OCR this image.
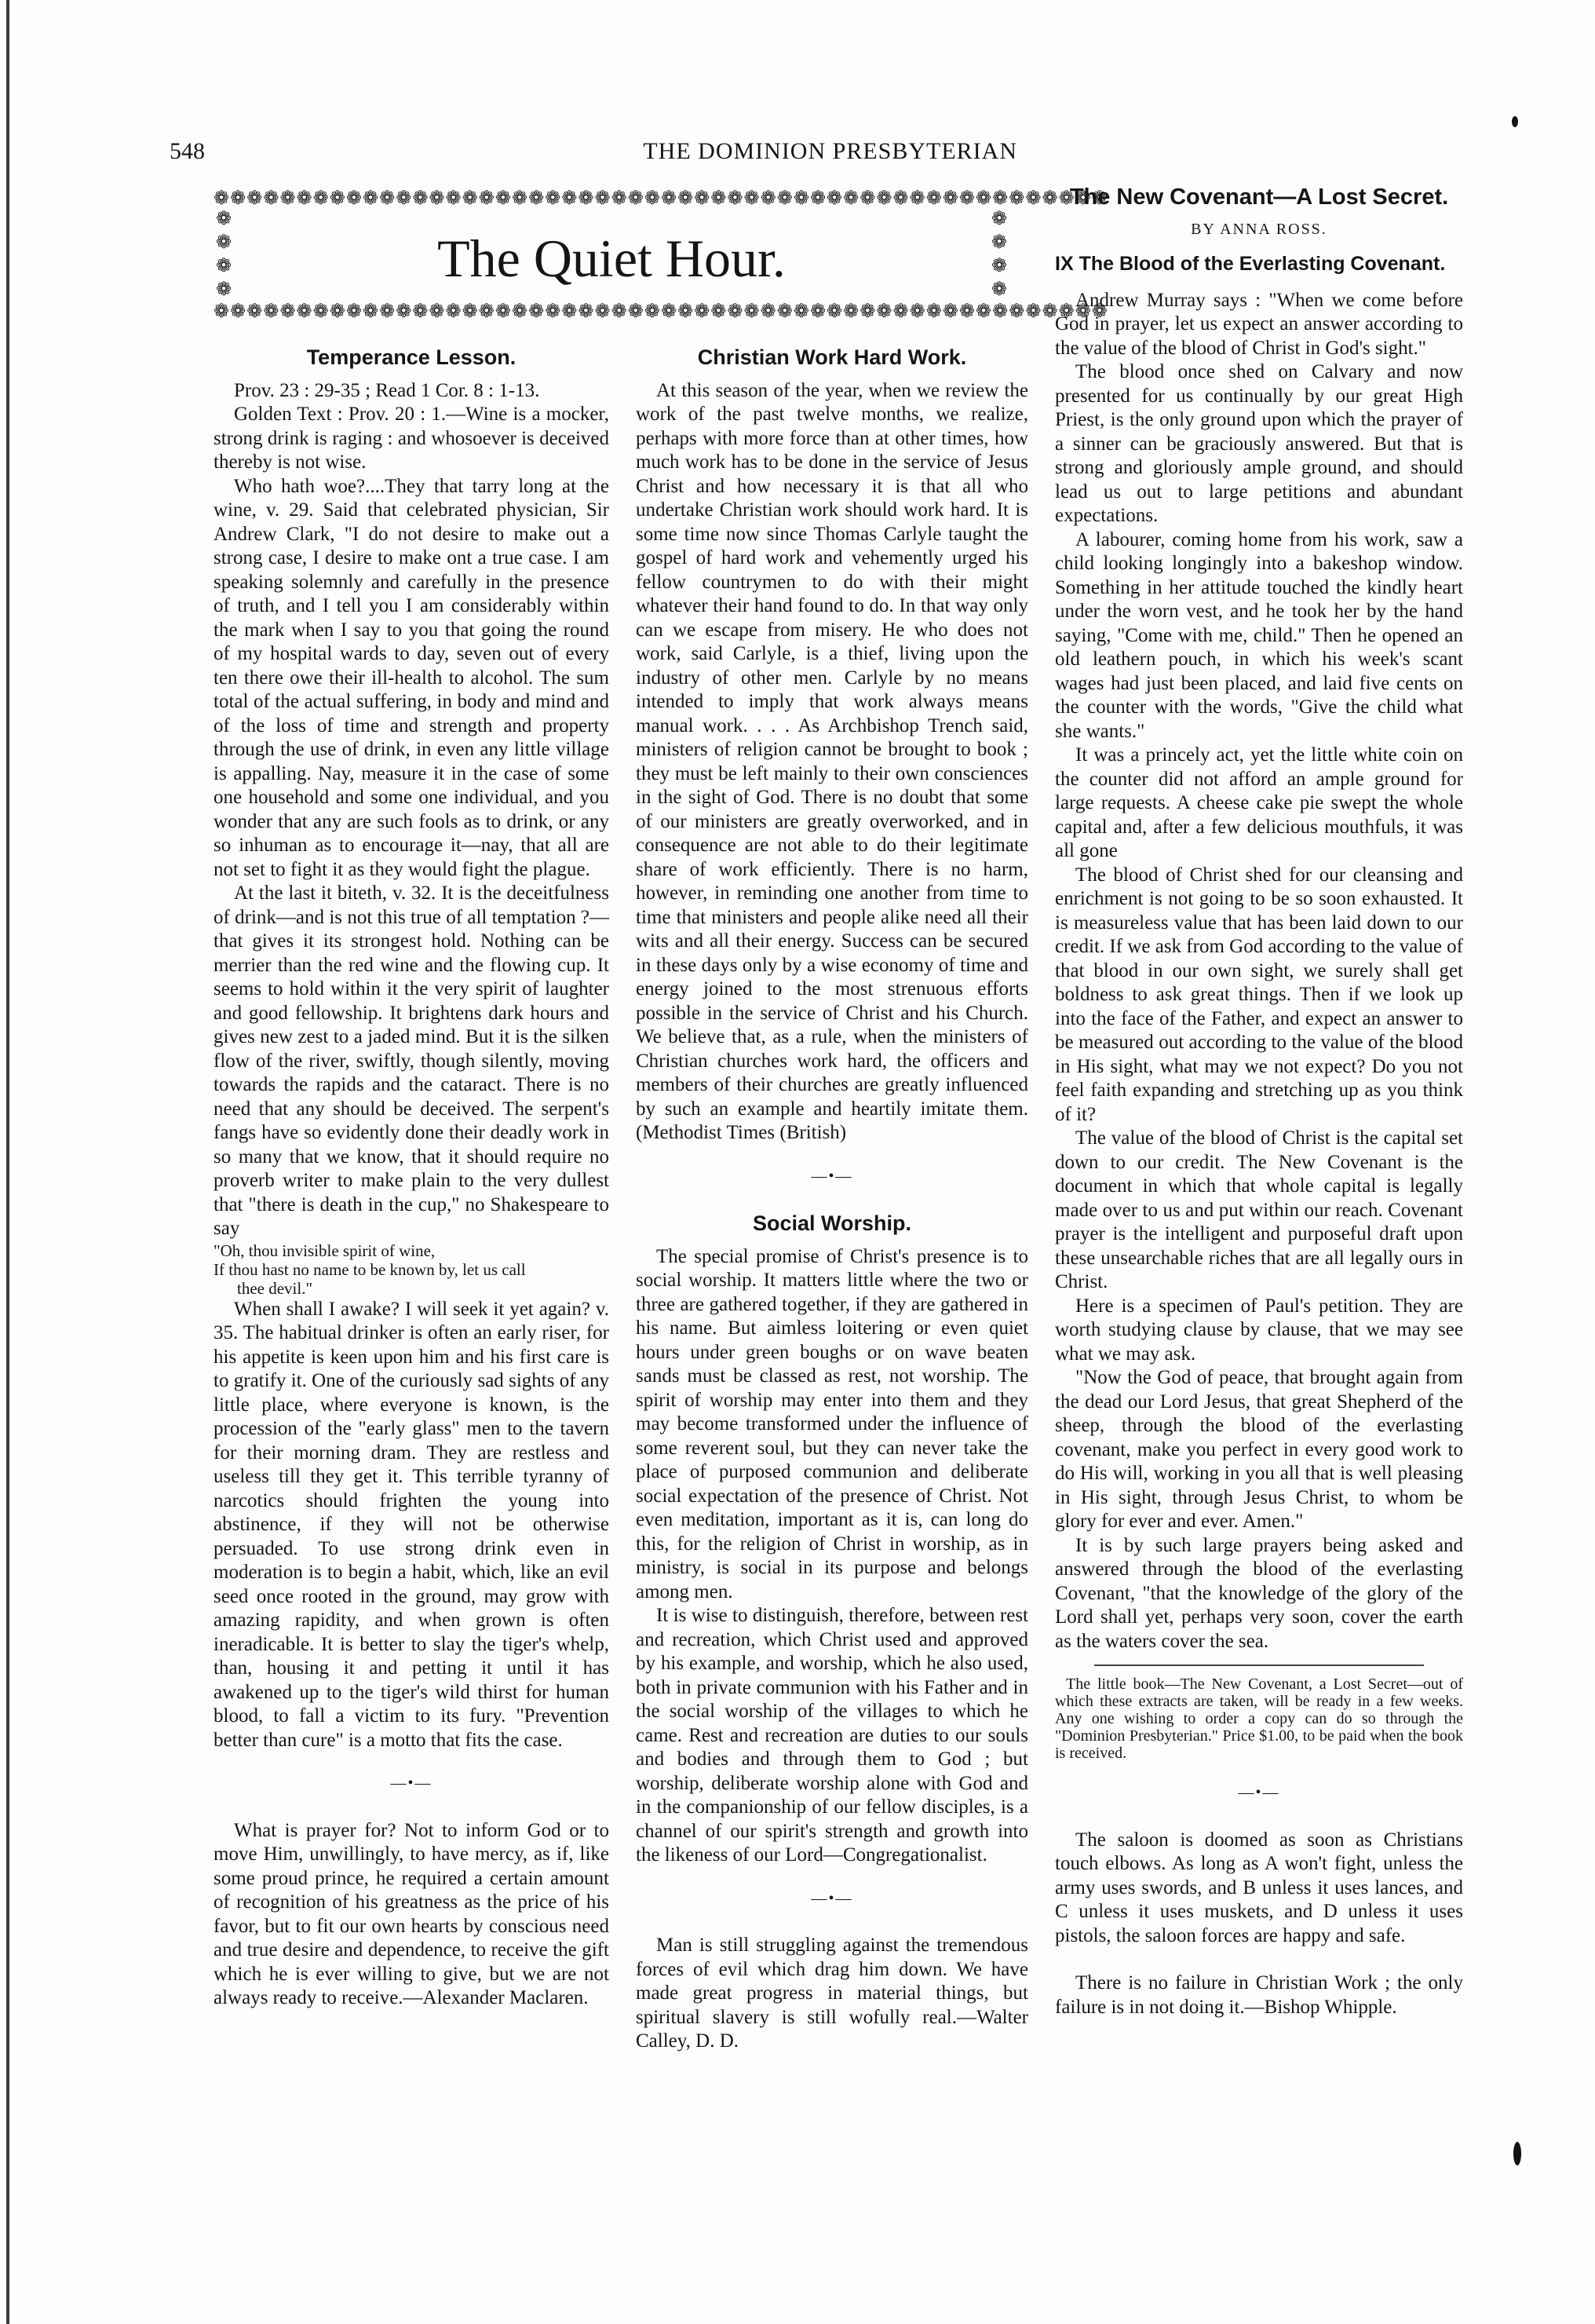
548	THE DOMINION PRESBYTERIAN
❁❁❁❁❁❁❁❁❁❁❁❁❁❁❁❁❁❁❁❁❁❁❁❁❁❁❁❁❁❁❁❁❁❁❁❁❁❁❁❁❁❁❁❁❁❁❁❁❁❁❁❁❁❁
❁ ❁ ❁ ❁
❁ ❁ ❁ ❁
The Quiet Hour.
❁❁❁❁❁❁❁❁❁❁❁❁❁❁❁❁❁❁❁❁❁❁❁❁❁❁❁❁❁❁❁❁❁❁❁❁❁❁❁❁❁❁❁❁❁❁❁❁❁❁❁❁❁❁
Temperance Lesson.

Prov. 23 : 29-35 ; Read 1 Cor. 8 : 1-13.

Golden Text : Prov. 20 : 1.—Wine is a mocker, strong drink is raging : and whosoever is deceived thereby is not wise.

Who hath woe?....They that tarry long at the wine, v. 29. Said that celebrated physician, Sir Andrew Clark, "I do not desire to make out a strong case, I desire to make ont a true case. I am speaking solemnly and carefully in the presence of truth, and I tell you I am considerably within the mark when I say to you that going the round of my hospital wards to day, seven out of every ten there owe their ill-health to alcohol. The sum total of the actual suffering, in body and mind and of the loss of time and strength and property through the use of drink, in even any little village is appalling. Nay, measure it in the case of some one household and some one individual, and you wonder that any are such fools as to drink, or any so inhuman as to encourage it—nay, that all are not set to fight it as they would fight the plague.

At the last it biteth, v. 32. It is the deceitfulness of drink—and is not this true of all temptation ?—that gives it its strongest hold. Nothing can be merrier than the red wine and the flowing cup. It seems to hold within it the very spirit of laughter and good fellowship. It brightens dark hours and gives new zest to a jaded mind. But it is the silken flow of the river, swiftly, though silently, moving towards the rapids and the cataract. There is no need that any should be deceived. The serpent's fangs have so evidently done their deadly work in so many that we know, that it should require no proverb writer to make plain to the very dullest that "there is death in the cup," no Shakespeare to say

"Oh, thou invisible spirit of wine,

If thou hast no name to be known by, let us call

thee devil."

When shall I awake? I will seek it yet again? v. 35. The habitual drinker is often an early riser, for his appetite is keen upon him and his first care is to gratify it. One of the curiously sad sights of any little place, where everyone is known, is the procession of the "early glass" men to the tavern for their morning dram. They are restless and useless till they get it. This terrible tyranny of narcotics should frighten the young into abstinence, if they will not be otherwise persuaded. To use strong drink even in moderation is to begin a habit, which, like an evil seed once rooted in the ground, may grow with amazing rapidity, and when grown is often ineradicable. It is better to slay the tiger's whelp, than, housing it and petting it until it has awakened up to the tiger's wild thirst for human blood, to fall a victim to its fury. "Prevention better than cure" is a motto that fits the case.

—•—

What is prayer for? Not to inform God or to move Him, unwillingly, to have mercy, as if, like some proud prince, he required a certain amount of recognition of his greatness as the price of his favor, but to fit our own hearts by conscious need and true desire and dependence, to receive the gift which he is ever willing to give, but we are not always ready to receive.—Alexander Maclaren.

Christian Work Hard Work.

At this season of the year, when we review the work of the past twelve months, we realize, perhaps with more force than at other times, how much work has to be done in the service of Jesus Christ and how necessary it is that all who undertake Christian work should work hard. It is some time now since Thomas Carlyle taught the gospel of hard work and vehemently urged his fellow countrymen to do with their might whatever their hand found to do. In that way only can we escape from misery. He who does not work, said Carlyle, is a thief, living upon the industry of other men. Carlyle by no means intended to imply that work always means manual work. . . . As Archbishop Trench said, ministers of religion cannot be brought to book ; they must be left mainly to their own consciences in the sight of God. There is no doubt that some of our ministers are greatly overworked, and in consequence are not able to do their legitimate share of work efficiently. There is no harm, however, in reminding one another from time to time that ministers and people alike need all their wits and all their energy. Success can be secured in these days only by a wise economy of time and energy joined to the most strenuous efforts possible in the service of Christ and his Church. We believe that, as a rule, when the ministers of Christian churches work hard, the officers and members of their churches are greatly influenced by such an example and heartily imitate them. (Methodist Times (British)

—•—
Social Worship.

The special promise of Christ's presence is to social worship. It matters little where the two or three are gathered together, if they are gathered in his name. But aimless loitering or even quiet hours under green boughs or on wave beaten sands must be classed as rest, not worship. The spirit of worship may enter into them and they may become transformed under the influence of some reverent soul, but they can never take the place of purposed communion and deliberate social expectation of the presence of Christ. Not even meditation, important as it is, can long do this, for the religion of Christ in worship, as in ministry, is social in its purpose and belongs among men.

It is wise to distinguish, therefore, between rest and recreation, which Christ used and approved by his example, and worship, which he also used, both in private communion with his Father and in the social worship of the villages to which he came. Rest and recreation are duties to our souls and bodies and through them to God ; but worship, deliberate worship alone with God and in the companionship of our fellow disciples, is a channel of our spirit's strength and growth into the likeness of our Lord—Congregationalist.

—•—

Man is still struggling against the tremendous forces of evil which drag him down. We have made great progress in material things, but spiritual slavery is still wofully real.—Walter Calley, D. D.

The New Covenant—A Lost Secret.
BY ANNA ROSS.
IX The Blood of the Everlasting Covenant.

Andrew Murray says : "When we come before God in prayer, let us expect an answer according to the value of the blood of Christ in God's sight."

The blood once shed on Calvary and now presented for us continually by our great High Priest, is the only ground upon which the prayer of a sinner can be graciously answered. But that is strong and gloriously ample ground, and should lead us out to large petitions and abundant expectations.

A labourer, coming home from his work, saw a child looking longingly into a bakeshop window. Something in her attitude touched the kindly heart under the worn vest, and he took her by the hand saying, "Come with me, child." Then he opened an old leathern pouch, in which his week's scant wages had just been placed, and laid five cents on the counter with the words, "Give the child what she wants."

It was a princely act, yet the little white coin on the counter did not afford an ample ground for large requests. A cheese cake pie swept the whole capital and, after a few delicious mouthfuls, it was all gone

The blood of Christ shed for our cleansing and enrichment is not going to be so soon exhausted. It is measureless value that has been laid down to our credit. If we ask from God according to the value of that blood in our own sight, we surely shall get boldness to ask great things. Then if we look up into the face of the Father, and expect an answer to be measured out according to the value of the blood in His sight, what may we not expect? Do you not feel faith expanding and stretching up as you think of it?

The value of the blood of Christ is the capital set down to our credit. The New Covenant is the document in which that whole capital is legally made over to us and put within our reach. Covenant prayer is the intelligent and purposeful draft upon these unsearchable riches that are all legally ours in Christ.

Here is a specimen of Paul's petition. They are worth studying clause by clause, that we may see what we may ask.

"Now the God of peace, that brought again from the dead our Lord Jesus, that great Shepherd of the sheep, through the blood of the everlasting covenant, make you perfect in every good work to do His will, working in you all that is well pleasing in His sight, through Jesus Christ, to whom be glory for ever and ever. Amen."

It is by such large prayers being asked and answered through the blood of the everlasting Covenant, "that the knowledge of the glory of the Lord shall yet, perhaps very soon, cover the earth as the waters cover the sea.

The little book—The New Covenant, a Lost Secret—out of which these extracts are taken, will be ready in a few weeks. Any one wishing to order a copy can do so through the "Dominion Presbyterian." Price $1.00, to be paid when the book is received.

—•—

The saloon is doomed as soon as Christians touch elbows. As long as A won't fight, unless the army uses swords, and B unless it uses lances, and C unless it uses muskets, and D unless it uses pistols, the saloon forces are happy and safe.

There is no failure in Christian Work ; the only failure is in not doing it.—Bishop Whipple.
